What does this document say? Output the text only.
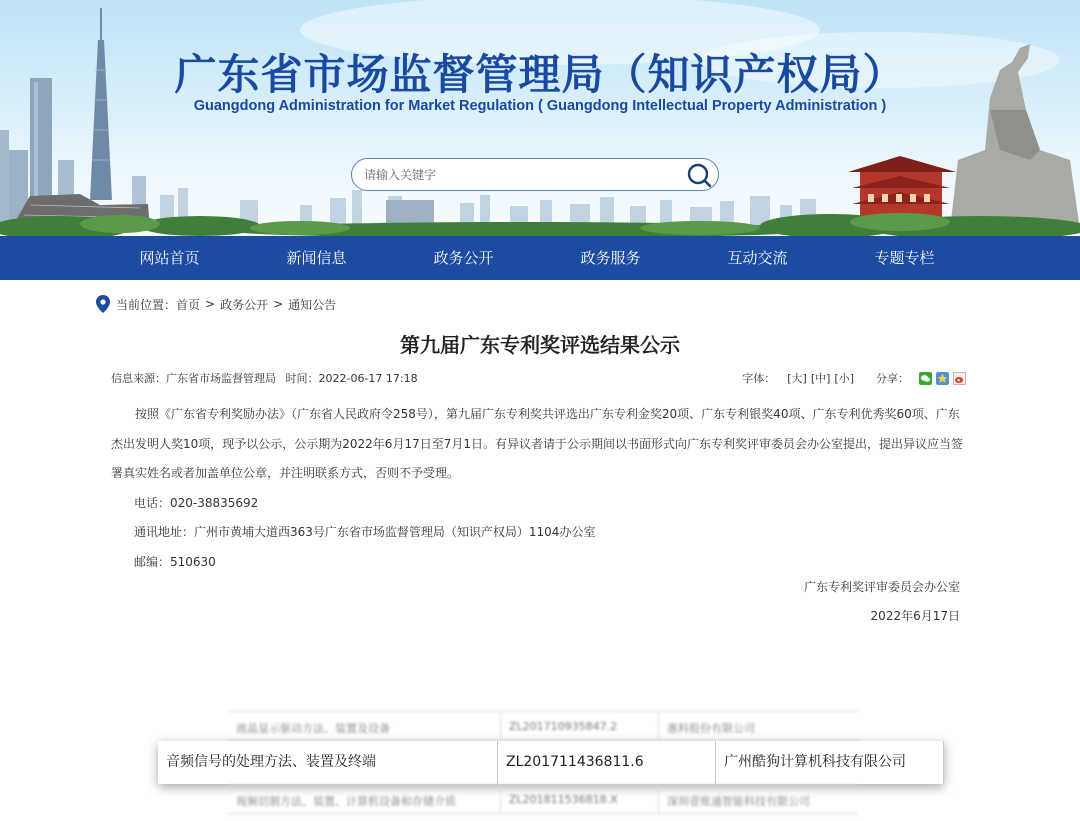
广东省市场监督管理局（知识产权局）
Guangdong Administration for Market Regulation ( Guangdong Intellectual Property Administration )
请输入关键字
网站首页	新闻信息	政务公开	政务服务	互动交流	专题专栏
当前位置： 首页 > 政务公开 > 通知公告
第九届广东专利奖评选结果公示
信息来源：广东省市场监督管理局 时间：2022-06-17 17:18	字体： [大] [中] [小] 分享：

按照《广东省专利奖励办法》（广东省人民政府令258号），第九届广东专利奖共评选出广东专利金奖20项、广东专利银奖40项、广东专利优秀奖60项、广东杰出发明人奖10项，现予以公示，公示期为2022年6月17日至7月1日。有异议者请于公示期间以书面形式向广东专利奖评审委员会办公室提出，提出异议应当签署真实姓名或者加盖单位公章，并注明联系方式，否则不予受理。

电话：020-38835692

通讯地址：广州市黄埔大道西363号广东省市场监督管理局（知识产权局）1104办公室

邮编：510630

广东专利奖评审委员会办公室
2022年6月17日
液晶显示驱动方法、装置及设备	ZL201710935847.2	惠科股份有限公司
音频信号的处理方法、装置及终端	ZL201711436811.6	广州酷狗计算机科技有限公司
视频切割方法、装置、计算机设备和存储介质	ZL201811536818.X	深圳壹账通智能科技有限公司
